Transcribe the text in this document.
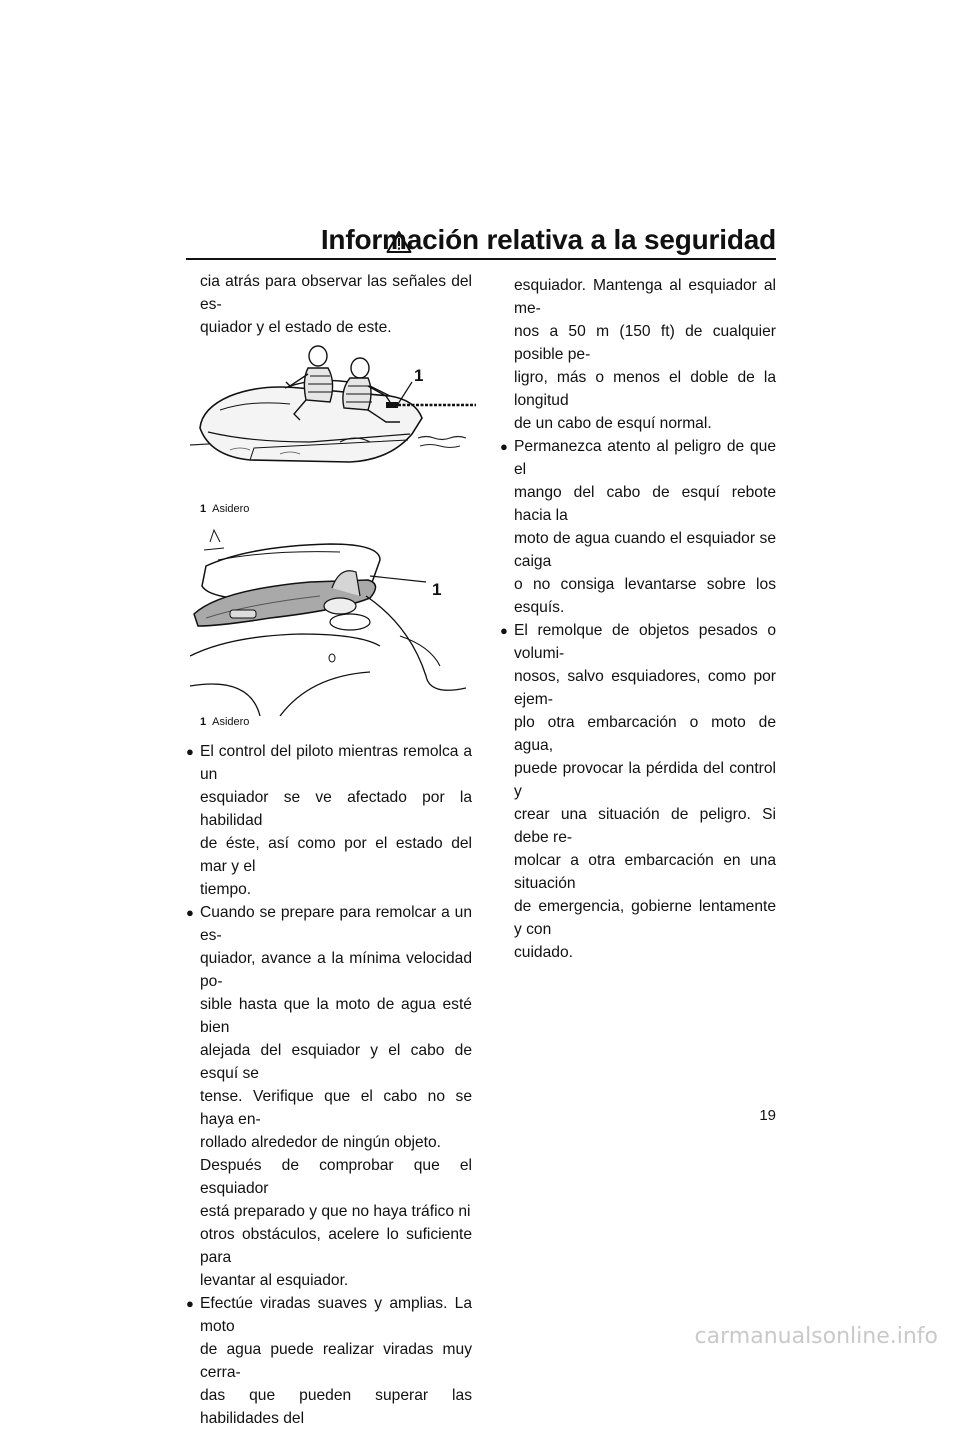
Información relativa a la seguridad
cia atrás para observar las señales del es-
quiador y el estado de este.
1
1 Asidero
1
1 Asidero
● El control del piloto mientras remolca a un
esquiador se ve afectado por la habilidad
de éste, así como por el estado del mar y el
tiempo.
● Cuando se prepare para remolcar a un es-
quiador, avance a la mínima velocidad po-
sible hasta que la moto de agua esté bien
alejada del esquiador y el cabo de esquí se
tense. Verifique que el cabo no se haya en-
rollado alrededor de ningún objeto.
Después de comprobar que el esquiador
está preparado y que no haya tráfico ni
otros obstáculos, acelere lo suficiente para
levantar al esquiador.
● Efectúe viradas suaves y amplias. La moto
de agua puede realizar viradas muy cerra-
das que pueden superar las habilidades del
esquiador. Mantenga al esquiador al me-
nos a 50 m (150 ft) de cualquier posible pe-
ligro, más o menos el doble de la longitud
de un cabo de esquí normal.
● Permanezca atento al peligro de que el
mango del cabo de esquí rebote hacia la
moto de agua cuando el esquiador se caiga
o no consiga levantarse sobre los esquís.
● El remolque de objetos pesados o volumi-
nosos, salvo esquiadores, como por ejem-
plo otra embarcación o moto de agua,
puede provocar la pérdida del control y
crear una situación de peligro. Si debe re-
molcar a otra embarcación en una situación
de emergencia, gobierne lentamente y con
cuidado.
19
carmanualsonline.info
